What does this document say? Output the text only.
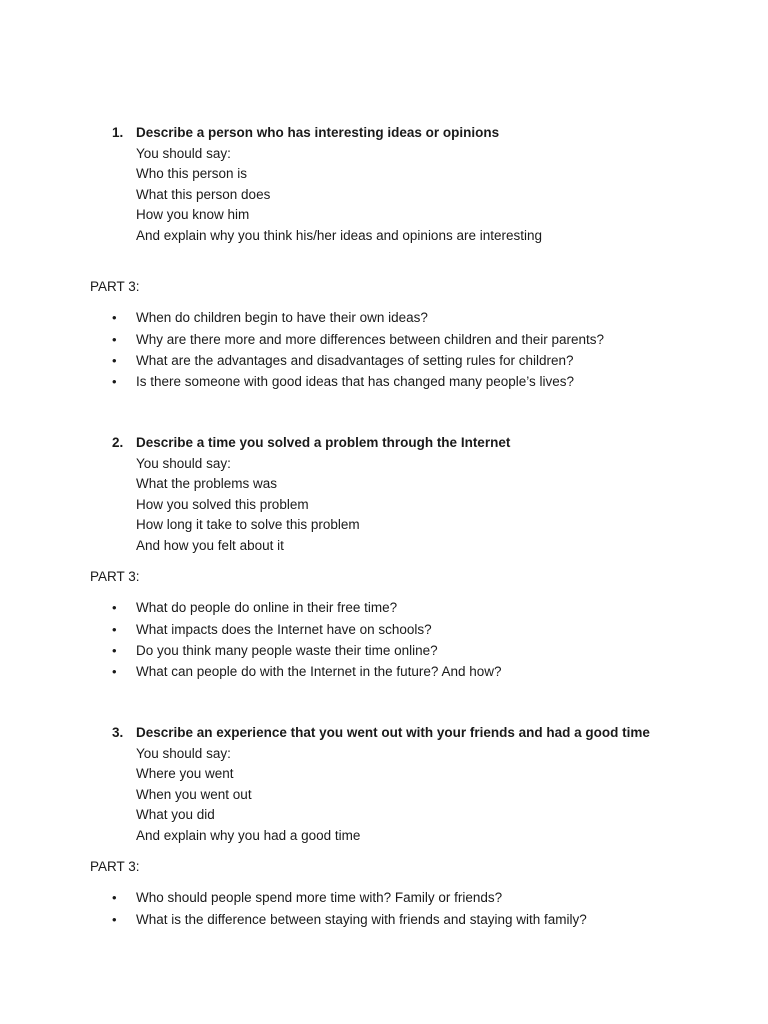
1. Describe a person who has interesting ideas or opinions
You should say:
Who this person is
What this person does
How you know him
And explain why you think his/her ideas and opinions are interesting
PART 3:
•	When do children begin to have their own ideas?
•	Why are there more and more differences between children and their parents?
•	What are the advantages and disadvantages of setting rules for children?
•	Is there someone with good ideas that has changed many people’s lives?
2. Describe a time you solved a problem through the Internet
You should say:
What the problems was
How you solved this problem
How long it take to solve this problem
And how you felt about it
PART 3:
•	What do people do online in their free time?
•	What impacts does the Internet have on schools?
•	Do you think many people waste their time online?
•	What can people do with the Internet in the future? And how?
3. Describe an experience that you went out with your friends and had a good time
You should say:
Where you went
When you went out
What you did
And explain why you had a good time
PART 3:
•	Who should people spend more time with? Family or friends?
•	What is the difference between staying with friends and staying with family?
